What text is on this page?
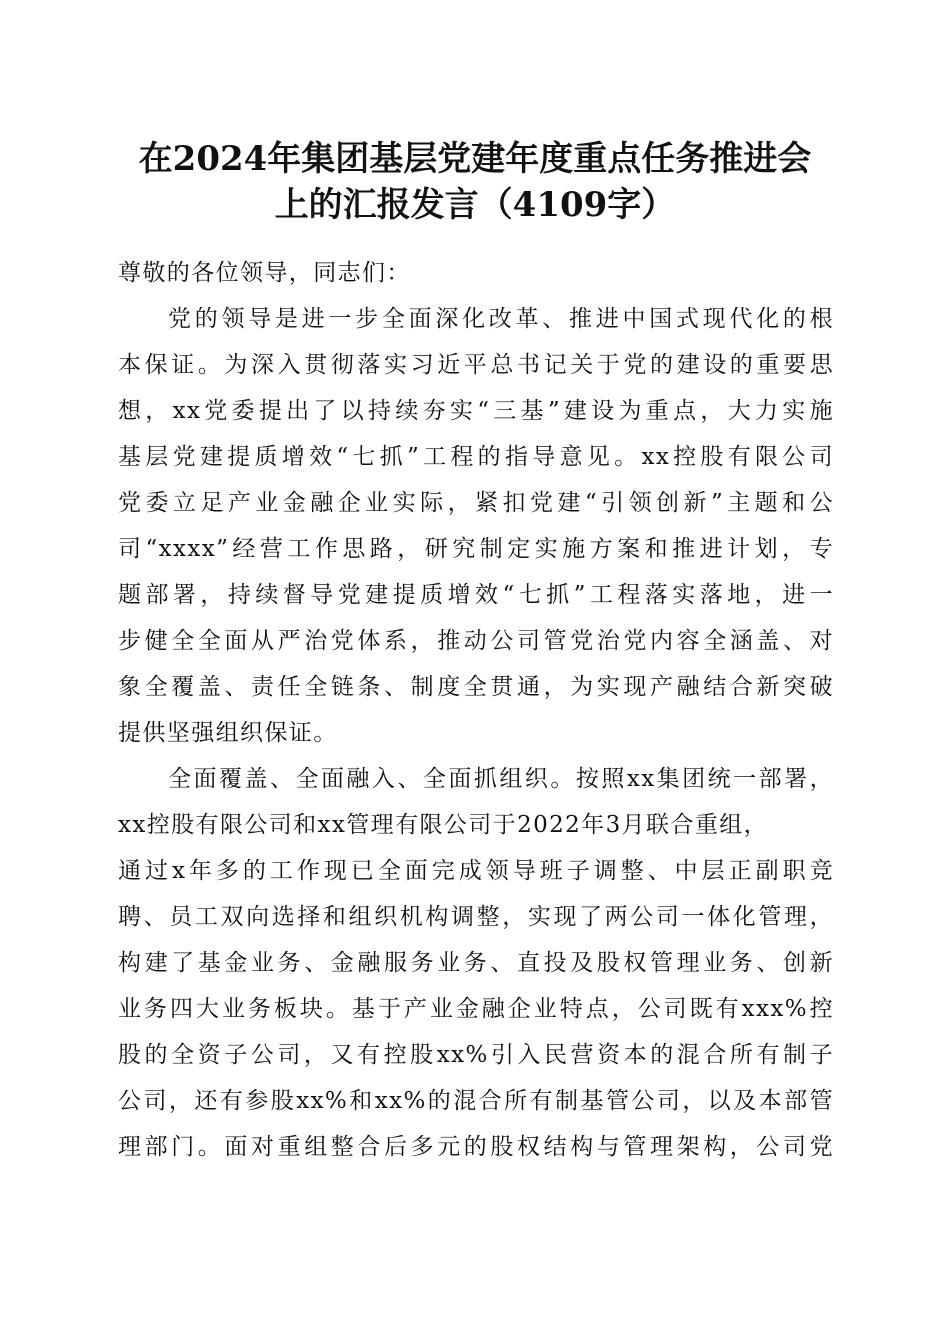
在2024年集团基层党建年度重点任务推进会
上的汇报发言（4109字）
尊敬的各位领导，同志们：
党的领导是进一步全面深化改革、推进中国式现代化的根
本保证。为深入贯彻落实习近平总书记关于党的建设的重要思
想，xx党委提出了以持续夯实“三基”建设为重点，大力实施
基层党建提质增效“七抓”工程的指导意见。xx控股有限公司
党委立足产业金融企业实际，紧扣党建“引领创新”主题和公
司“xxxx”经营工作思路，研究制定实施方案和推进计划，专
题部署，持续督导党建提质增效“七抓”工程落实落地，进一
步健全全面从严治党体系，推动公司管党治党内容全涵盖、对
象全覆盖、责任全链条、制度全贯通，为实现产融结合新突破
提供坚强组织保证。
全面覆盖、全面融入、全面抓组织。按照xx集团统一部署，
xx控股有限公司和xx管理有限公司于2022年3月联合重组，
通过x年多的工作现已全面完成领导班子调整、中层正副职竞
聘、员工双向选择和组织机构调整，实现了两公司一体化管理，
构建了基金业务、金融服务业务、直投及股权管理业务、创新
业务四大业务板块。基于产业金融企业特点，公司既有xxx%控
股的全资子公司，又有控股xx%引入民营资本的混合所有制子
公司，还有参股xx%和xx%的混合所有制基管公司，以及本部管
理部门。面对重组整合后多元的股权结构与管理架构，公司党
